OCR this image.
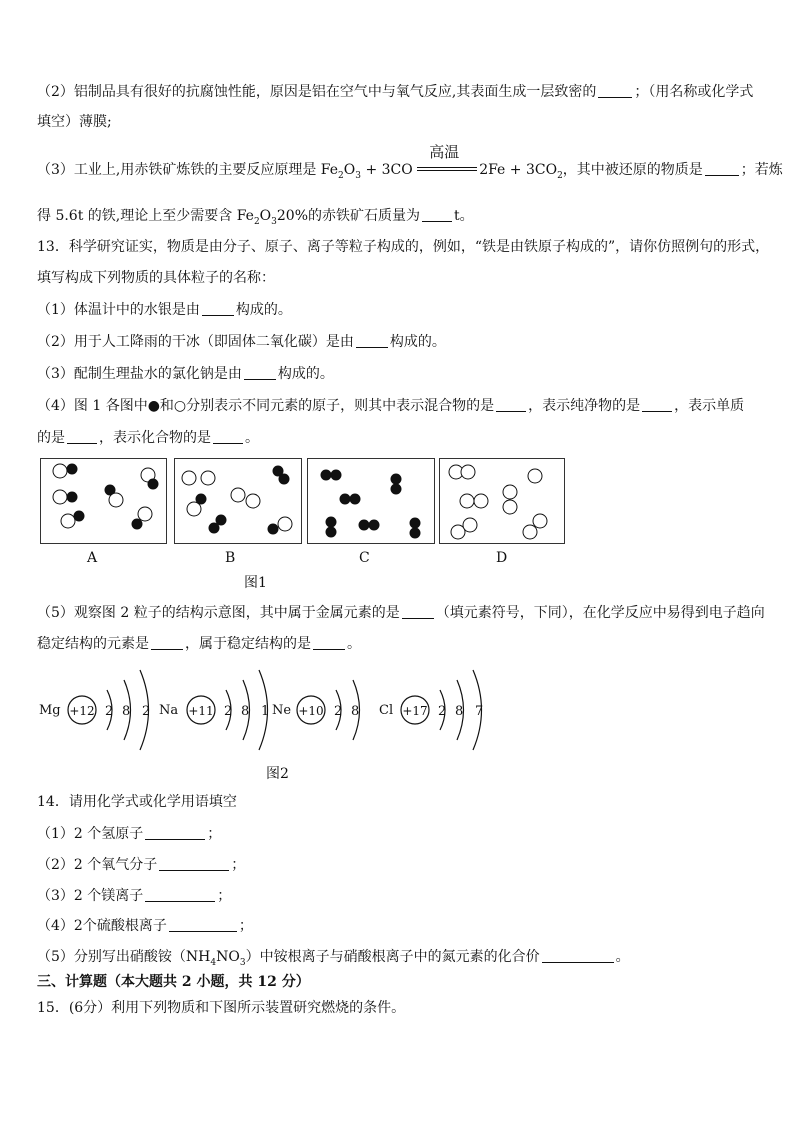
（2）铝制品具有很好的抗腐蚀性能，原因是铝在空气中与氧气反应,其表面生成一层致密的	；（用名称或化学式
填空）薄膜;
（3）工业上,用赤铁矿炼铁的主要反应原理是 $Fe_2O_3 + 3CO$
高温
$2Fe + 3CO_2$，其中被还原的物质是	；若炼
得 5.6t 的铁,理论上至少需要含 $Fe_2O_320\%$的赤铁矿石质量为 t。
13．科学研究证实，物质是由分子、原子、离子等粒子构成的，例如，“铁是由铁原子构成的”，请你仿照例句的形式，
填写构成下列物质的具体粒子的名称：
（1）体温计中的水银是由	构成的。
（2）用于人工降雨的干冰（即固体二氧化碳）是由	构成的。
（3）配制生理盐水的氯化钠是由	构成的。
（4）图 1 各图中●和○分别表示不同元素的原子，则其中表示混合物的是 ，表示纯净物的是 ，表示单质
的是 ，表示化合物的是 。
A	B	C	D
图1
（5）观察图 2 粒子的结构示意图，其中属于金属元素的是	（填元素符号，下同），在化学反应中易得到电子趋向
稳定结构的元素是	，属于稳定结构的是	。
Mg +12 2 8 2 Na +11 2 8 1 Ne +10 2 8 Cl +17 2 8 7
图2
14．请用化学式或化学用语填空
（1）2 个氢原子	；
（2）2 个氧气分子	；
（3）2 个镁离子	；
（4）2个硫酸根离子	；
（5）分别写出硝酸铵$(NH_4NO_3)$中铵根离子与硝酸根离子中的氮元素的化合价	。
三、计算题（本大题共 2 小题，共 12 分）
15．(6分）利用下列物质和下图所示装置研究燃烧的条件。
